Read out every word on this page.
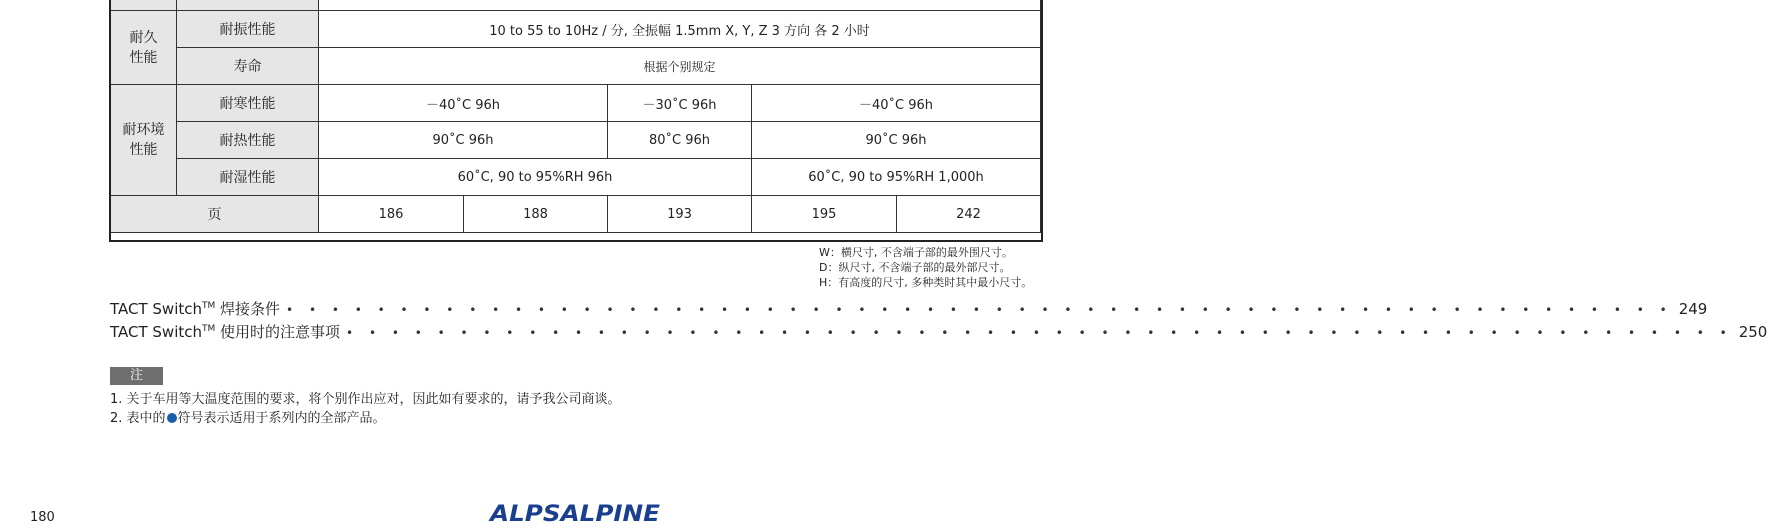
耐久
性能	耐振性能	10 to 55 to 10Hz / 分, 全振幅 1.5mm X, Y, Z 3 方向 各 2 小时				
	寿命	根据个别规定				
耐环境
性能	耐寒性能	－40˚C 96h		－30˚C 96h	－40˚C 96h	
	耐热性能	90˚C 96h		80˚C 96h	90˚C 96h	
	耐湿性能	60˚C, 90 to 95%RH 96h			60˚C, 90 to 95%RH 1,000h	
页		186	188	193	195	242
W：横尺寸, 不含端子部的最外围尺寸。
D：纵尺寸, 不含端子部的最外部尺寸。
H：有高度的尺寸, 多种类时其中最小尺寸。
TACT Switch™ 焊接条件 • • • • • • • • • • • • • • • • • • • • • • • • • • • • • • • • • • • • • • • • • • • • • • • • • • • • • • • • • • • • • 249
TACT Switch™ 使用时的注意事项 • • • • • • • • • • • • • • • • • • • • • • • • • • • • • • • • • • • • • • • • • • • • • • • • • • • • • • • • • • • • • 250
注
1. 关于车用等大温度范围的要求，将个别作出应对，因此如有要求的，请予我公司商谈。
2. 表中的 符号表示适用于系列内的全部产品。
180	ALPSALPINE
